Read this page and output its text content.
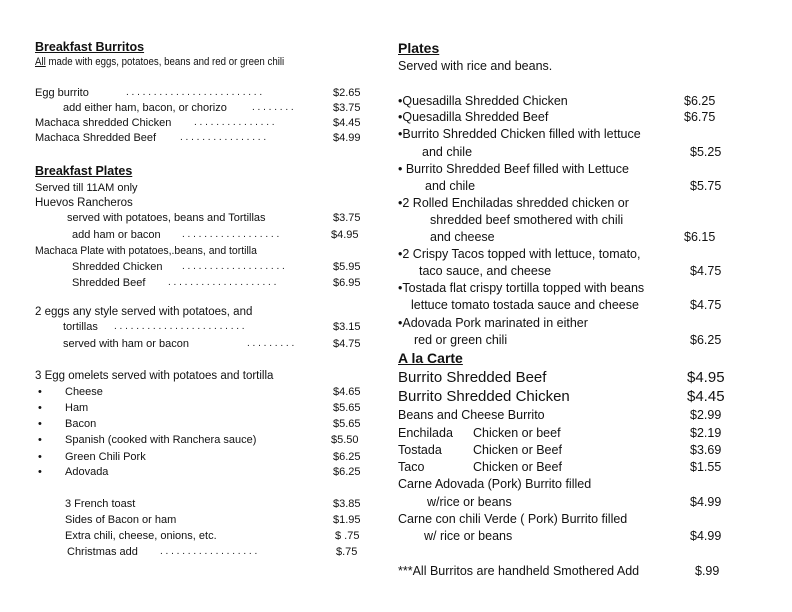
Breakfast Burritos
All made with eggs, potatoes, beans and red or green chili
Egg burrito	. . . . . . . . . . . . . . . . . . . . . . . . .	$2.65
add either ham, bacon, or chorizo	. . . . . . . .	$3.75
Machaca shredded Chicken . . . . . . . . . . . . . . .	$4.45
Machaca Shredded Beef . . . . . . . . . . . . . . . .	$4.99
Breakfast Plates
Served till 11AM only
Huevos Rancheros
served with potatoes, beans and Tortillas	$3.75
add ham or bacon . . . . . . . . . . . . . . . . . .	$4.95
Machaca Plate with potatoes,.beans, and tortilla
Shredded Chicken . . . . . . . . . . . . . . . . . . .	$5.95
Shredded Beef . . . . . . . . . . . . . . . . . . . .	$6.95
2 eggs any style served with potatoes, and
tortillas . . . . . . . . . . . . . . . . . . . . . . . .	$3.15
served with ham or bacon	. . . . . . . . .	$4.75
3 Egg omelets served with potatoes and tortilla
• Cheese	$4.65
• Ham	$5.65
• Bacon	$5.65
• Spanish (cooked with Ranchera sauce)	$5.50
• Green Chili Pork	$6.25
• Adovada	$6.25
3 French toast	$3.85
Sides of Bacon or ham	$1.95
Extra chili, cheese, onions, etc.	$ .75
Christmas add . . . . . . . . . . . . . . . . . .	$.75
Plates
Served with rice and beans.
•Quesadilla Shredded Chicken	$6.25
•Quesadilla Shredded Beef	$6.75
•Burrito Shredded Chicken filled with lettuce
and chile	$5.25
• Burrito Shredded Beef filled with Lettuce
and chile	$5.75
•2 Rolled Enchiladas shredded chicken or
shredded beef smothered with chili
and cheese	$6.15
•2 Crispy Tacos topped with lettuce, tomato,
taco sauce, and cheese	$4.75
•Tostada flat crispy tortilla topped with beans
lettuce tomato tostada sauce and cheese	$4.75
•Adovada Pork marinated in either
red or green chili	$6.25
A la Carte
Burrito Shredded Beef	$4.95
Burrito Shredded Chicken	$4.45
Beans and Cheese Burrito	$2.99
Enchilada Chicken or beef	$2.19
Tostada Chicken or Beef	$3.69
Taco	Chicken or Beef	$1.55
Carne Adovada (Pork) Burrito filled
w/rice or beans	$4.99
Carne con chili Verde ( Pork) Burrito filled
w/ rice or beans	$4.99
***All Burritos are handheld Smothered Add	$.99
